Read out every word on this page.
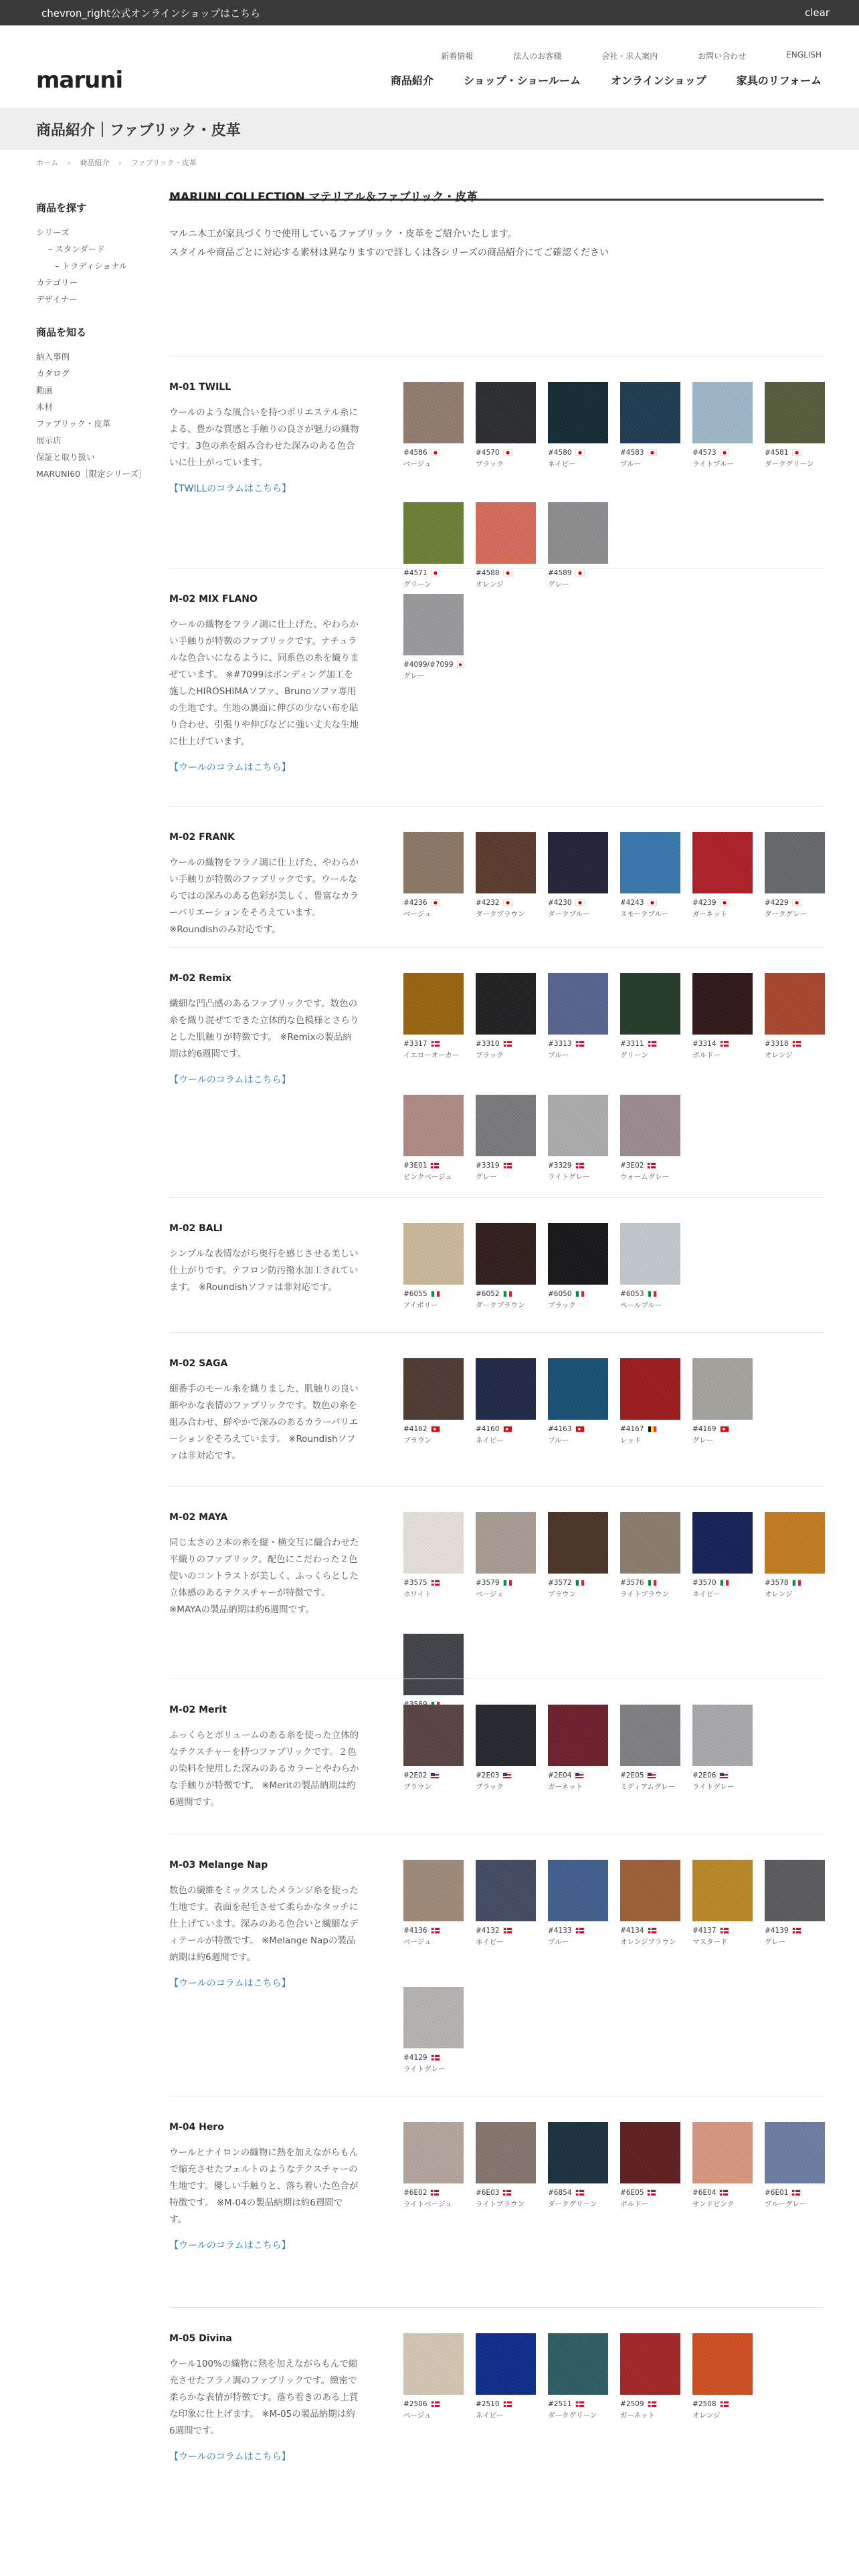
chevron_right公式オンラインショップはこちら	clear
maruni
新着情報	法人のお客様	会社・求人案内	お問い合わせ	ENGLISH
商品紹介	ショップ・ショールーム	オンラインショップ	家具のリフォーム
商品紹介｜ファブリック・皮革
ホーム › 商品紹介 › ファブリック・皮革
商品を探す
シリーズ
– スタンダード
– トラディショナル
カテゴリー
デザイナー
商品を知る
納入事例
カタログ
動画
木材
ファブリック・皮革
展示店
保証と取り扱い
MARUNI60［限定シリーズ］
MARUNI COLLECTION マテリアル＆ファブリック・皮革
マルニ木工が家具づくりで使用しているファブリック ・皮革をご紹介いたします。
スタイルや商品ごとに対応する素材は異なりますので詳しくは各シリーズの商品紹介にてご確認ください
M-01 TWILL
ウールのような風合いを持つポリエステル糸による、豊かな質感と手触りの良さが魅力の織物です。3色の糸を組み合わせた深みのある色合いに仕上がっています。
【TWILLのコラムはこちら】
#4586
ベージュ
#4570
ブラック
#4580
ネイビー
#4583
ブルー
#4573
ライトブルー
#4581
ダークグリーン
#4571
グリーン
#4588
オレンジ
#4589
グレー
M-02 MIX FLANO
ウールの織物をフラノ調に仕上げた、やわらかい手触りが特徴のファブリックです。ナチュラルな色合いになるように、同系色の糸を織りまぜています。 ※#7099はボンディング加工を施したHIROSHIMAソファ、Brunoソファ専用の生地です。生地の裏面に伸びの少ない布を貼り合わせ、引張りや伸びなどに強い丈夫な生地に仕上げています。
【ウールのコラムはこちら】
#4099/#7099
グレー
M-02 FRANK
ウールの織物をフラノ調に仕上げた、やわらかい手触りが特徴のファブリックです。ウールならではの深みのある色彩が美しく、豊富なカラーバリエーションをそろえています。 ※Roundishのみ対応です。
#4236
ベージュ
#4232
ダークブラウン
#4230
ダークブルー
#4243
スモークブルー
#4239
ガーネット
#4229
ダークグレー
M-02 Remix
繊細な凹凸感のあるファブリックです。数色の糸を織り混ぜてできた立体的な色模様とさらりとした肌触りが特徴です。 ※Remixの製品納期は約6週間です。
【ウールのコラムはこちら】
#3317
イエローオーカー
#3310
ブラック
#3313
ブルー
#3311
グリーン
#3314
ボルドー
#3318
オレンジ
#3E01
ピンクベージュ
#3319
グレー
#3329
ライトグレー
#3E02
ウォームグレー
M-02 BALI
シンプルな表情ながら奥行を感じさせる美しい仕上がりです。テフロン防汚撥水加工されています。 ※Roundishソファは非対応です。
#6055
アイボリー
#6052
ダークブラウン
#6050
ブラック
#6053
ペールブルー
M-02 SAGA
細番手のモール糸を織りました、肌触りの良い細やかな表情のファブリックです。数色の糸を組み合わせ、鮮やかで深みのあるカラーバリエーションをそろえています。 ※Roundishソファは非対応です。
#4162
ブラウン
#4160
ネイビー
#4163
ブルー
#4167
レッド
#4169
グレー
M-02 MAYA
同じ太さの２本の糸を縦・横交互に織合わせた平織りのファブリック。配色にこだわった２色使いのコントラストが美しく、ふっくらとした立体感のあるテクスチャーが特徴です。 ※MAYAの製品納期は約6週間です。
#3575
ホワイト
#3579
ベージュ
#3572
ブラウン
#3576
ライトブラウン
#3570
ネイビー
#3578
オレンジ
M-02 Merit
ふっくらとボリュームのある糸を使った立体的なテクスチャーを持つファブリックです。２色の染料を使用した深みのあるカラーとやわらかな手触りが特徴です。 ※Meritの製品納期は約6週間です。
#2E02
ブラウン
#2E03
ブラック
#2E04
ガーネット
#2E05
ミディアムグレー
#2E06
ライトグレー
M-03 Melange Nap
数色の繊維をミックスしたメランジ糸を使った生地です。表面を起毛させて柔らかなタッチに仕上げています。深みのある色合いと繊細なディテールが特徴です。 ※Melange Napの製品納期は約6週間です。
【ウールのコラムはこちら】
#4136
ベージュ
#4132
ネイビー
#4133
ブルー
#4134
オレンジブラウン
#4137
マスタード
#4139
グレー
#4129
ライトグレー
M-04 Hero
ウールとナイロンの織物に熱を加えながらもんで縮充させたフェルトのようなテクスチャーの生地です。優しい手触りと、落ち着いた色合が特徴です。 ※M-04の製品納期は約6週間です。
【ウールのコラムはこちら】
#6E02
ライトベージュ
#6E03
ライトブラウン
#6854
ダークグリーン
#6E05
ボルドー
#6E04
サンドピンク
#6E01
ブルーグレー
M-05 Divina
ウール100%の織物に熱を加えながらもんで縮充させたフラノ調のファブリックです。緻密で柔らかな表情が特徴です。落ち着きのある上質な印象に仕上げます。 ※M-05の製品納期は約6週間です。
【ウールのコラムはこちら】
#2506
ベージュ
#2510
ネイビー
#2511
ダークグリーン
#2509
ガーネット
#2508
オレンジ
